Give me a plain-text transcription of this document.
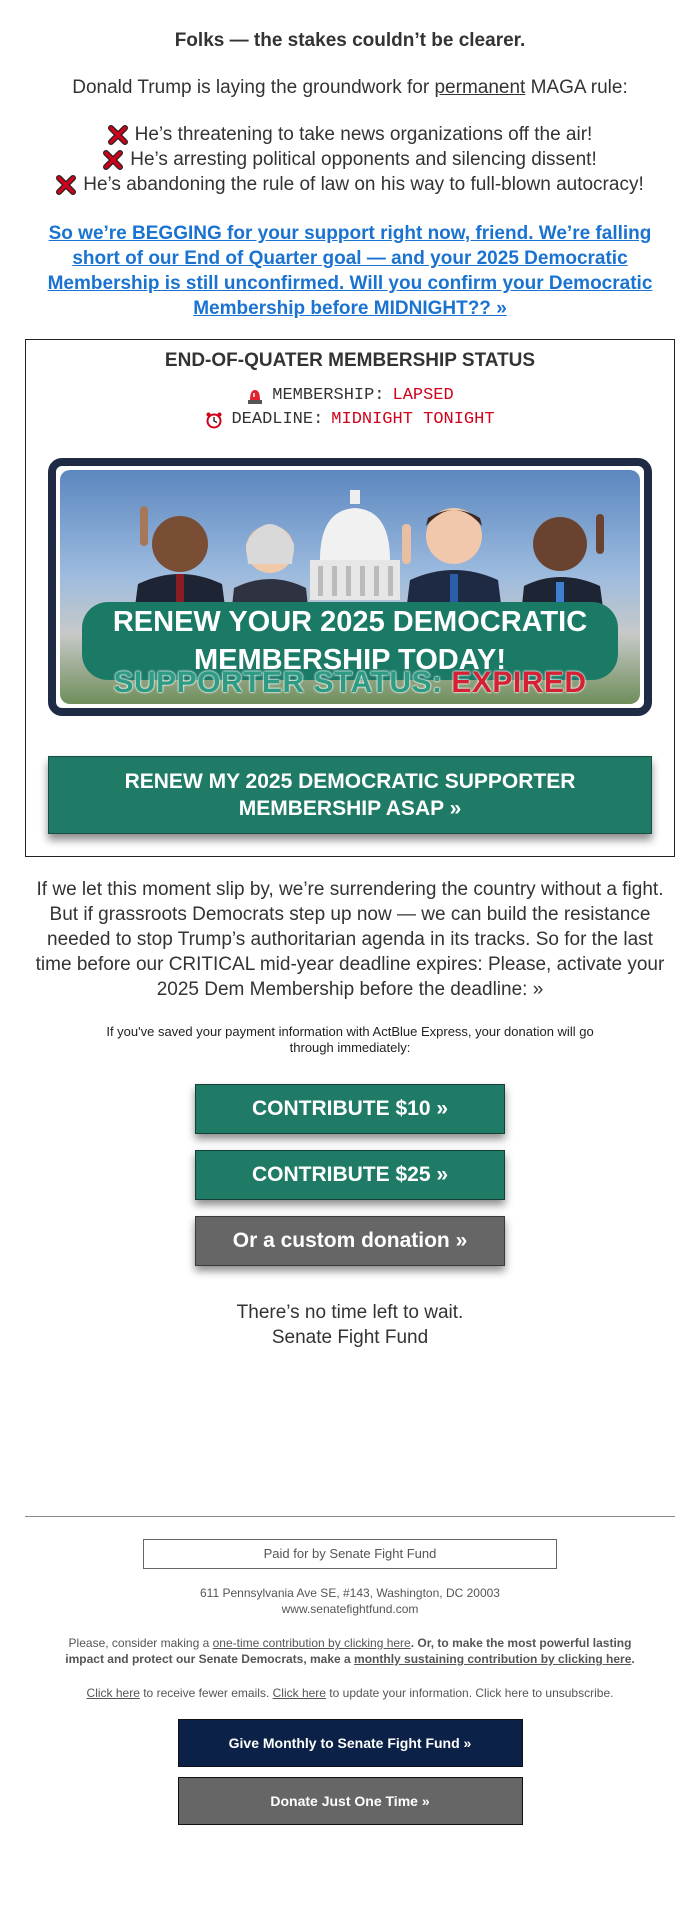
Folks — the stakes couldn’t be clearer.

Donald Trump is laying the groundwork for permanent MAGA rule:

He’s threatening to take news organizations off the air!
He’s arresting political opponents and silencing dissent!
He’s abandoning the rule of law on his way to full-blown autocracy!
So we’re BEGGING for your support right now, friend. We’re falling short of our End of Quarter goal — and your 2025 Democratic Membership is still unconfirmed. Will you confirm your Democratic Membership before MIDNIGHT?? »

END-OF-QUATER MEMBERSHIP STATUS

MEMBERSHIP: LAPSED
DEADLINE: MIDNIGHT TONIGHT
RENEW YOUR 2025 DEMOCRATIC
MEMBERSHIP TODAY!
SUPPORTER STATUS: EXPIRED
RENEW MY 2025 DEMOCRATIC SUPPORTER
MEMBERSHIP ASAP »

If we let this moment slip by, we’re surrendering the country without a fight. But if grassroots Democrats step up now — we can build the resistance needed to stop Trump’s authoritarian agenda in its tracks. So for the last time before our CRITICAL mid-year deadline expires: Please, activate your 2025 Dem Membership before the deadline: »

If you've saved your payment information with ActBlue Express, your donation will go through immediately:

CONTRIBUTE $10 »
CONTRIBUTE $25 »
Or a custom donation »

There’s no time left to wait.

Senate Fight Fund

Paid for by Senate Fight Fund

611 Pennsylvania Ave SE, #143, Washington, DC 20003
www.senatefightfund.com

Please, consider making a one-time contribution by clicking here. Or, to make the most powerful lasting impact and protect our Senate Democrats, make a monthly sustaining contribution by clicking here.

Click here to receive fewer emails. Click here to update your information. Click here to unsubscribe.

Give Monthly to Senate Fight Fund »
Donate Just One Time »
